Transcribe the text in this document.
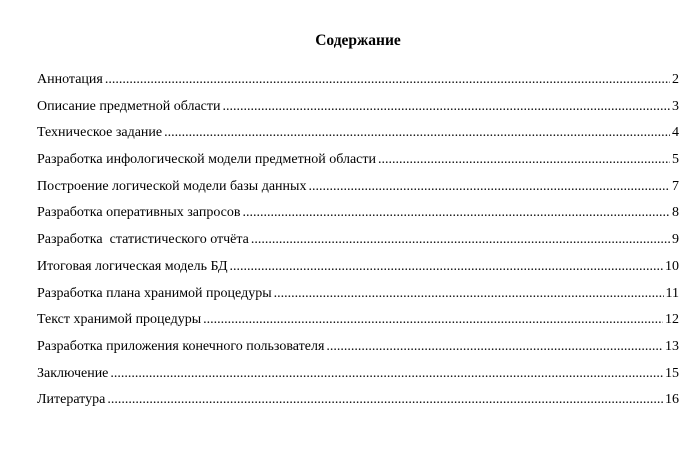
Содержание
Аннотация .....	2
Описание предметной области .....	3
Техническое задание .....	4
Разработка инфологической модели предметной области .....	5
Построение логической модели базы данных .....	7
Разработка оперативных запросов .....	8
Разработка  статистического отчёта .....	9
Итоговая логическая модель БД .....	10
Разработка плана хранимой процедуры .....	11
Текст хранимой процедуры .....	12
Разработка приложения конечного пользователя .....	13
Заключение .....	15
Литература .....	16
